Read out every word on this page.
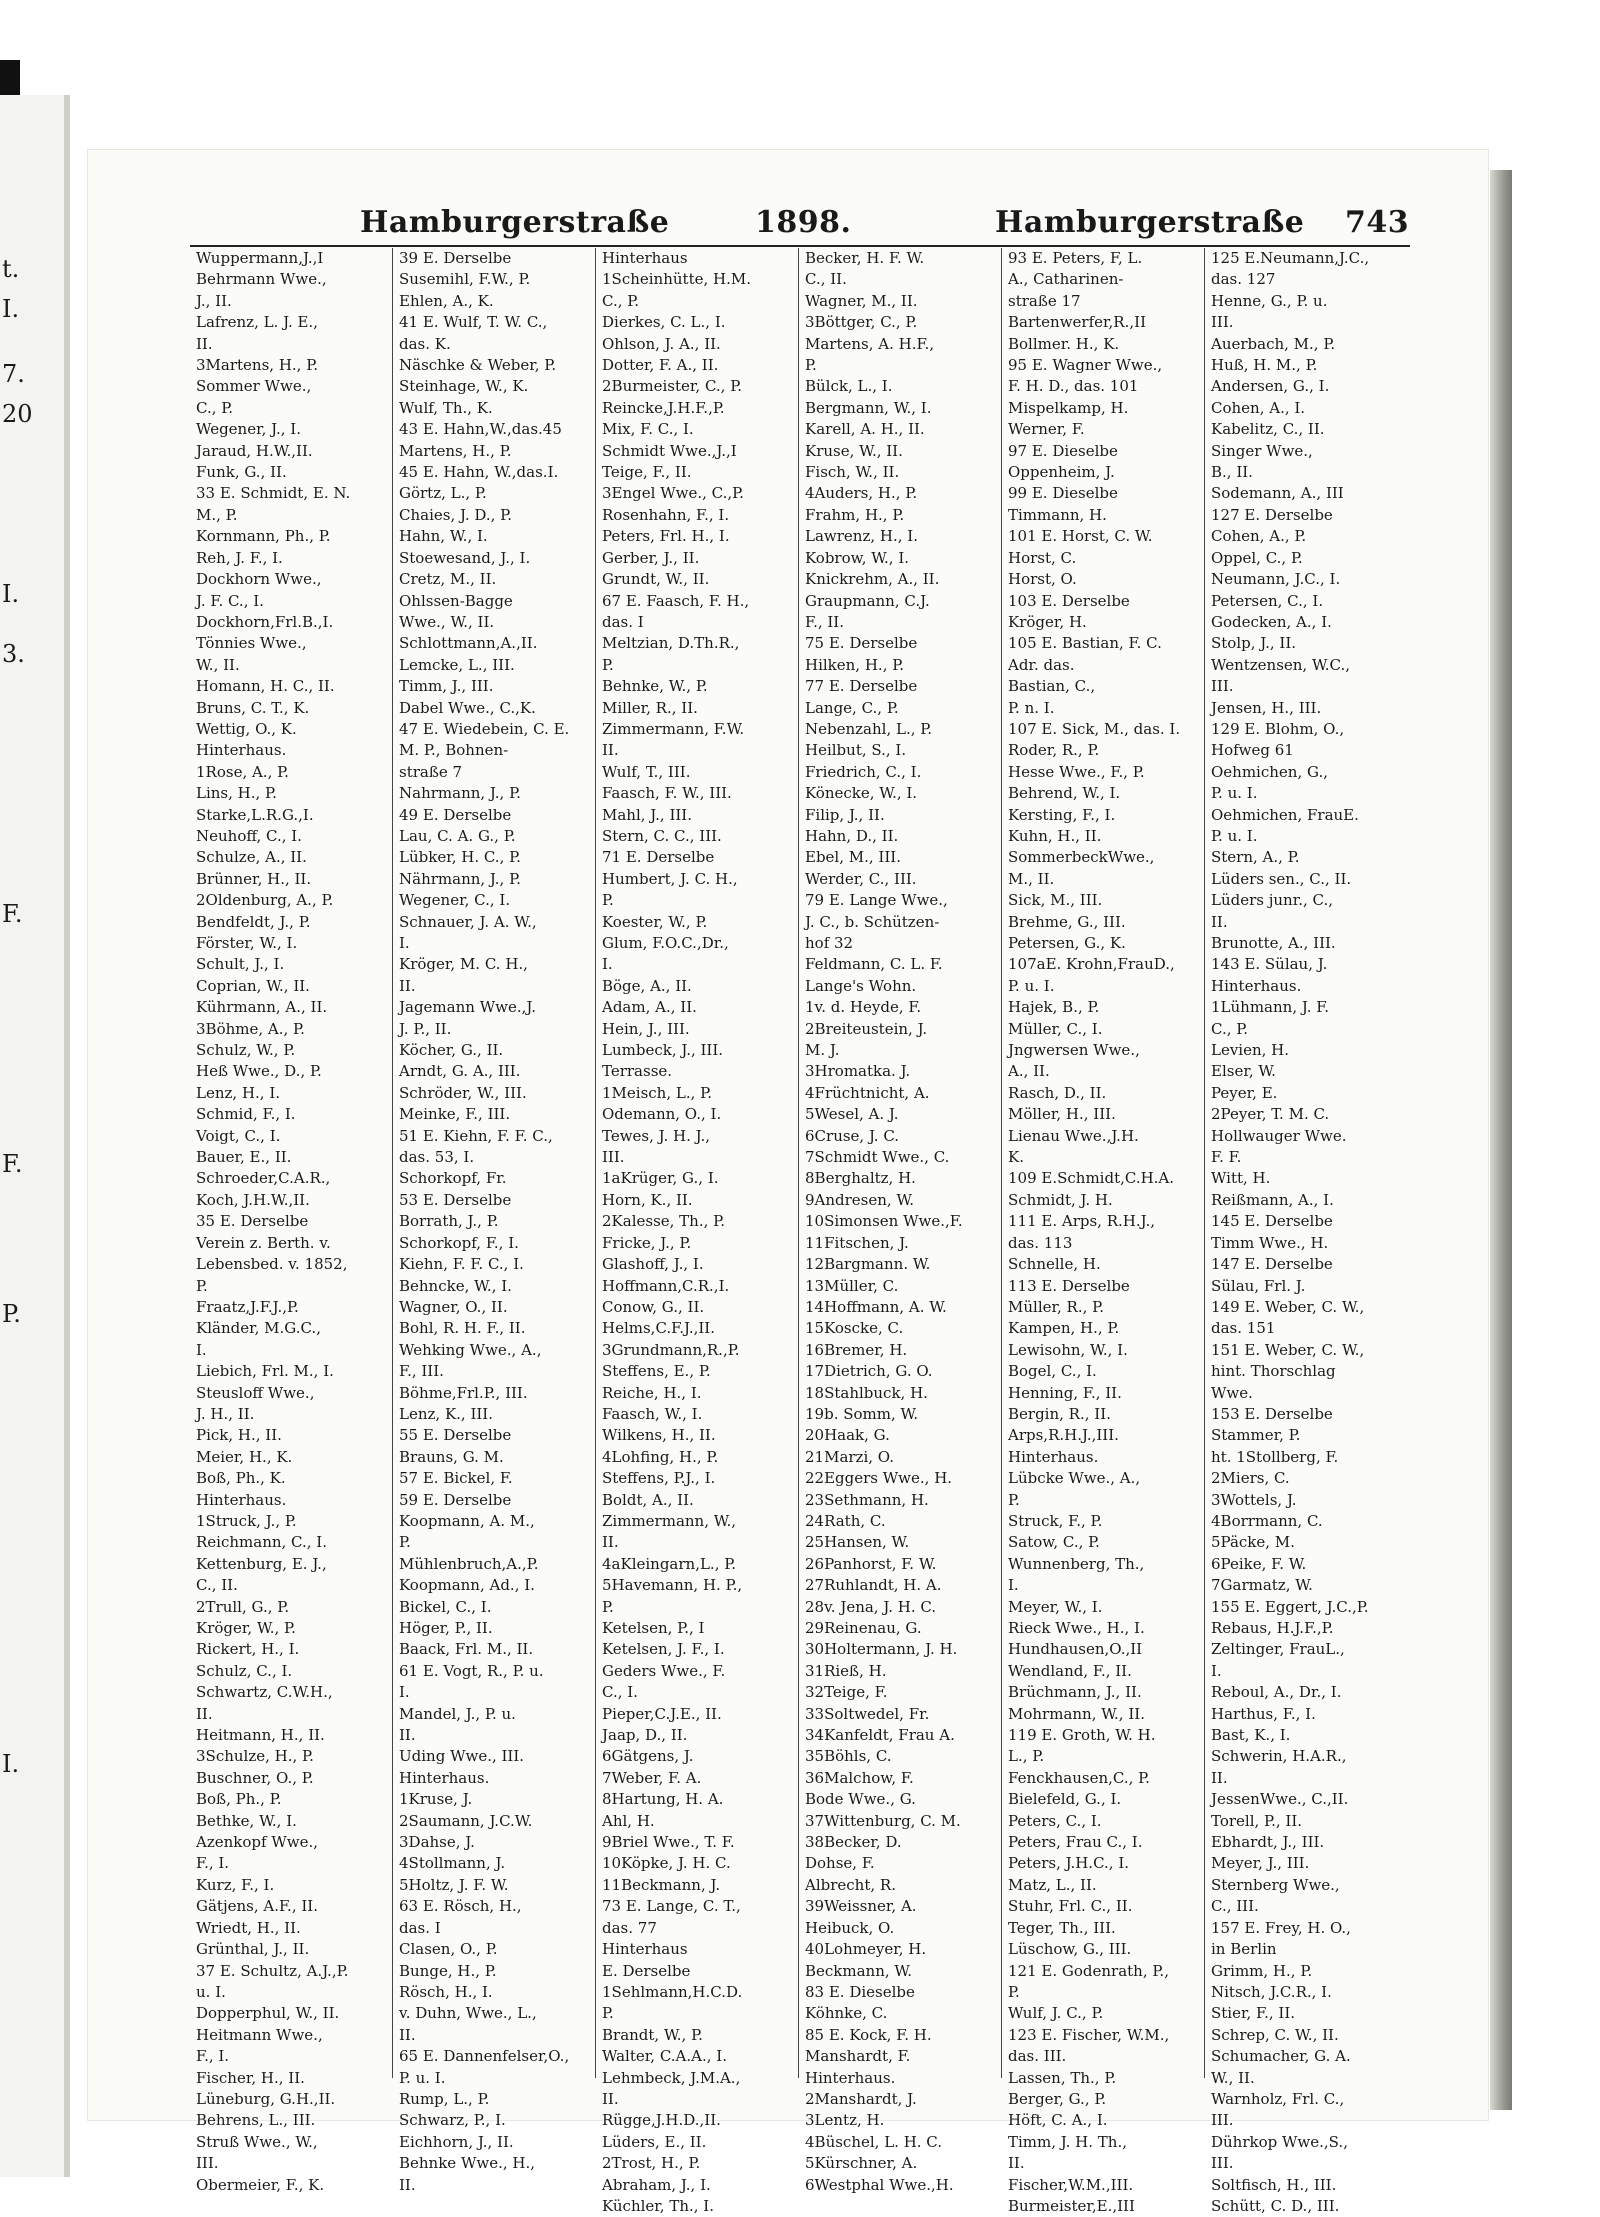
t.
I.
7.
20
I.
3.
F.
F.
P.
I.
Hamburgerstraße	1898.	Hamburgerstraße 743
Wuppermann,J.,I
Behrmann Wwe.,
J., II.
Lafrenz, L. J. E.,
II.
3Martens, H., P.
Sommer Wwe.,
C., P.
Wegener, J., I.
Jaraud, H.W.,II.
Funk, G., II.
33 E. Schmidt, E. N.
M., P.
Kornmann, Ph., P.
Reh, J. F., I.
Dockhorn Wwe.,
J. F. C., I.
Dockhorn,Frl.B.,I.
Tönnies Wwe.,
W., II.
Homann, H. C., II.
Bruns, C. T., K.
Wettig, O., K.
Hinterhaus.
1Rose, A., P.
Lins, H., P.
Starke,L.R.G.,I.
Neuhoff, C., I.
Schulze, A., II.
Brünner, H., II.
2Oldenburg, A., P.
Bendfeldt, J., P.
Förster, W., I.
Schult, J., I.
Coprian, W., II.
Kührmann, A., II.
3Böhme, A., P.
Schulz, W., P.
Heß Wwe., D., P.
Lenz, H., I.
Schmid, F., I.
Voigt, C., I.
Bauer, E., II.
Schroeder,C.A.R.,
Koch, J.H.W.,II.
35 E. Derselbe
Verein z. Berth. v.
Lebensbed. v. 1852,
P.
Fraatz,J.F.J.,P.
Kländer, M.G.C.,
I.
Liebich, Frl. M., I.
Steusloff Wwe.,
J. H., II.
Pick, H., II.
Meier, H., K.
Boß, Ph., K.
Hinterhaus.
1Struck, J., P.
Reichmann, C., I.
Kettenburg, E. J.,
C., II.
2Trull, G., P.
Kröger, W., P.
Rickert, H., I.
Schulz, C., I.
Schwartz, C.W.H.,
II.
Heitmann, H., II.
3Schulze, H., P.
Buschner, O., P.
Boß, Ph., P.
Bethke, W., I.
Azenkopf Wwe.,
F., I.
Kurz, F., I.
Gätjens, A.F., II.
Wriedt, H., II.
Grünthal, J., II.
37 E. Schultz, A.J.,P.
u. I.
Dopperphul, W., II.
Heitmann Wwe.,
F., I.
Fischer, H., II.
Lüneburg, G.H.,II.
Behrens, L., III.
Struß Wwe., W.,
III.
Obermeier, F., K.
39 E. Derselbe
Susemihl, F.W., P.
Ehlen, A., K.
41 E. Wulf, T. W. C.,
das. K.
Näschke & Weber, P.
Steinhage, W., K.
Wulf, Th., K.
43 E. Hahn,W.,das.45
Martens, H., P.
45 E. Hahn, W.,das.I.
Görtz, L., P.
Chaies, J. D., P.
Hahn, W., I.
Stoewesand, J., I.
Cretz, M., II.
Ohlssen-Bagge
Wwe., W., II.
Schlottmann,A.,II.
Lemcke, L., III.
Timm, J., III.
Dabel Wwe., C.,K.
47 E. Wiedebein, C. E.
M. P., Bohnen-
straße 7
Nahrmann, J., P.
49 E. Derselbe
Lau, C. A. G., P.
Lübker, H. C., P.
Nährmann, J., P.
Wegener, C., I.
Schnauer, J. A. W.,
I.
Kröger, M. C. H.,
II.
Jagemann Wwe.,J.
J. P., II.
Köcher, G., II.
Arndt, G. A., III.
Schröder, W., III.
Meinke, F., III.
51 E. Kiehn, F. F. C.,
das. 53, I.
Schorkopf, Fr.
53 E. Derselbe
Borrath, J., P.
Schorkopf, F., I.
Kiehn, F. F. C., I.
Behncke, W., I.
Wagner, O., II.
Bohl, R. H. F., II.
Wehking Wwe., A.,
F., III.
Böhme,Frl.P., III.
Lenz, K., III.
55 E. Derselbe
Brauns, G. M.
57 E. Bickel, F.
59 E. Derselbe
Koopmann, A. M.,
P.
Mühlenbruch,A.,P.
Koopmann, Ad., I.
Bickel, C., I.
Höger, P., II.
Baack, Frl. M., II.
61 E. Vogt, R., P. u.
I.
Mandel, J., P. u.
II.
Uding Wwe., III.
Hinterhaus.
1Kruse, J.
2Saumann, J.C.W.
3Dahse, J.
4Stollmann, J.
5Holtz, J. F. W.
63 E. Rösch, H.,
das. I
Clasen, O., P.
Bunge, H., P.
Rösch, H., I.
v. Duhn, Wwe., L.,
II.
65 E. Dannenfelser,O.,
P. u. I.
Rump, L., P.
Schwarz, P., I.
Eichhorn, J., II.
Behnke Wwe., H.,
II.
Hinterhaus
1Scheinhütte, H.M.
C., P.
Dierkes, C. L., I.
Ohlson, J. A., II.
Dotter, F. A., II.
2Burmeister, C., P.
Reincke,J.H.F.,P.
Mix, F. C., I.
Schmidt Wwe.,J.,I
Teige, F., II.
3Engel Wwe., C.,P.
Rosenhahn, F., I.
Peters, Frl. H., I.
Gerber, J., II.
Grundt, W., II.
67 E. Faasch, F. H.,
das. I
Meltzian, D.Th.R.,
P.
Behnke, W., P.
Miller, R., II.
Zimmermann, F.W.
II.
Wulf, T., III.
Faasch, F. W., III.
Mahl, J., III.
Stern, C. C., III.
71 E. Derselbe
Humbert, J. C. H.,
P.
Koester, W., P.
Glum, F.O.C.,Dr.,
I.
Böge, A., II.
Adam, A., II.
Hein, J., III.
Lumbeck, J., III.
Terrasse.
1Meisch, L., P.
Odemann, O., I.
Tewes, J. H. J.,
III.
1aKrüger, G., I.
Horn, K., II.
2Kalesse, Th., P.
Fricke, J., P.
Glashoff, J., I.
Hoffmann,C.R.,I.
Conow, G., II.
Helms,C.F.J.,II.
3Grundmann,R.,P.
Steffens, E., P.
Reiche, H., I.
Faasch, W., I.
Wilkens, H., II.
4Lohfing, H., P.
Steffens, P.J., I.
Boldt, A., II.
Zimmermann, W.,
II.
4aKleingarn,L., P.
5Havemann, H. P.,
P.
Ketelsen, P., I
Ketelsen, J. F., I.
Geders Wwe., F.
C., I.
Pieper,C.J.E., II.
Jaap, D., II.
6Gätgens, J.
7Weber, F. A.
8Hartung, H. A.
Ahl, H.
9Briel Wwe., T. F.
10Köpke, J. H. C.
11Beckmann, J.
73 E. Lange, C. T.,
das. 77
Hinterhaus
E. Derselbe
1Sehlmann,H.C.D.
P.
Brandt, W., P.
Walter, C.A.A., I.
Lehmbeck, J.M.A.,
II.
Rügge,J.H.D.,II.
Lüders, E., II.
2Trost, H., P.
Abraham, J., I.
Küchler, Th., I.
Becker, H. F. W.
C., II.
Wagner, M., II.
3Böttger, C., P.
Martens, A. H.F.,
P.
Bülck, L., I.
Bergmann, W., I.
Karell, A. H., II.
Kruse, W., II.
Fisch, W., II.
4Auders, H., P.
Frahm, H., P.
Lawrenz, H., I.
Kobrow, W., I.
Knickrehm, A., II.
Graupmann, C.J.
F., II.
75 E. Derselbe
Hilken, H., P.
77 E. Derselbe
Lange, C., P.
Nebenzahl, L., P.
Heilbut, S., I.
Friedrich, C., I.
Könecke, W., I.
Filip, J., II.
Hahn, D., II.
Ebel, M., III.
Werder, C., III.
79 E. Lange Wwe.,
J. C., b. Schützen-
hof 32
Feldmann, C. L. F.
Lange's Wohn.
1v. d. Heyde, F.
2Breiteustein, J.
M. J.
3Hromatka. J.
4Früchtnicht, A.
5Wesel, A. J.
6Cruse, J. C.
7Schmidt Wwe., C.
8Berghaltz, H.
9Andresen, W.
10Simonsen Wwe.,F.
11Fitschen, J.
12Bargmann. W.
13Müller, C.
14Hoffmann, A. W.
15Koscke, C.
16Bremer, H.
17Dietrich, G. O.
18Stahlbuck, H.
19b. Somm, W.
20Haak, G.
21Marzi, O.
22Eggers Wwe., H.
23Sethmann, H.
24Rath, C.
25Hansen, W.
26Panhorst, F. W.
27Ruhlandt, H. A.
28v. Jena, J. H. C.
29Reinenau, G.
30Holtermann, J. H.
31Rieß, H.
32Teige, F.
33Soltwedel, Fr.
34Kanfeldt, Frau A.
35Böhls, C.
36Malchow, F.
Bode Wwe., G.
37Wittenburg, C. M.
38Becker, D.
Dohse, F.
Albrecht, R.
39Weissner, A.
Heibuck, O.
40Lohmeyer, H.
Beckmann, W.
83 E. Dieselbe
Köhnke, C.
85 E. Kock, F. H.
Manshardt, F.
Hinterhaus.
2Manshardt, J.
3Lentz, H.
4Büschel, L. H. C.
5Kürschner, A.
6Westphal Wwe.,H.
93 E. Peters, F, L.
A., Catharinen-
straße 17
Bartenwerfer,R.,II
Bollmer. H., K.
95 E. Wagner Wwe.,
F. H. D., das. 101
Mispelkamp, H.
Werner, F.
97 E. Dieselbe
Oppenheim, J.
99 E. Dieselbe
Timmann, H.
101 E. Horst, C. W.
Horst, C.
Horst, O.
103 E. Derselbe
Kröger, H.
105 E. Bastian, F. C.
Adr. das.
Bastian, C.,
P. n. I.
107 E. Sick, M., das. I.
Roder, R., P.
Hesse Wwe., F., P.
Behrend, W., I.
Kersting, F., I.
Kuhn, H., II.
SommerbeckWwe.,
M., II.
Sick, M., III.
Brehme, G., III.
Petersen, G., K.
107aE. Krohn,FrauD.,
P. u. I.
Hajek, B., P.
Müller, C., I.
Jngwersen Wwe.,
A., II.
Rasch, D., II.
Möller, H., III.
Lienau Wwe.,J.H.
K.
109 E.Schmidt,C.H.A.
Schmidt, J. H.
111 E. Arps, R.H.J.,
das. 113
Schnelle, H.
113 E. Derselbe
Müller, R., P.
Kampen, H., P.
Lewisohn, W., I.
Bogel, C., I.
Henning, F., II.
Bergin, R., II.
Arps,R.H.J.,III.
Hinterhaus.
Lübcke Wwe., A.,
P.
Struck, F., P.
Satow, C., P.
Wunnenberg, Th.,
I.
Meyer, W., I.
Rieck Wwe., H., I.
Hundhausen,O.,II
Wendland, F., II.
Brüchmann, J., II.
Mohrmann, W., II.
119 E. Groth, W. H.
L., P.
Fenckhausen,C., P.
Bielefeld, G., I.
Peters, C., I.
Peters, Frau C., I.
Peters, J.H.C., I.
Matz, L., II.
Stuhr, Frl. C., II.
Teger, Th., III.
Lüschow, G., III.
121 E. Godenrath, P.,
P.
Wulf, J. C., P.
123 E. Fischer, W.M.,
das. III.
Lassen, Th., P.
Berger, G., P.
Höft, C. A., I.
Timm, J. H. Th.,
II.
Fischer,W.M.,III.
Burmeister,E.,III
125 E.Neumann,J.C.,
das. 127
Henne, G., P. u.
III.
Auerbach, M., P.
Huß, H. M., P.
Andersen, G., I.
Cohen, A., I.
Kabelitz, C., II.
Singer Wwe.,
B., II.
Sodemann, A., III
127 E. Derselbe
Cohen, A., P.
Oppel, C., P.
Neumann, J.C., I.
Petersen, C., I.
Godecken, A., I.
Stolp, J., II.
Wentzensen, W.C.,
III.
Jensen, H., III.
129 E. Blohm, O.,
Hofweg 61
Oehmichen, G.,
P. u. I.
Oehmichen, FrauE.
P. u. I.
Stern, A., P.
Lüders sen., C., II.
Lüders junr., C.,
II.
Brunotte, A., III.
143 E. Sülau, J.
Hinterhaus.
1Lühmann, J. F.
C., P.
Levien, H.
Elser, W.
Peyer, E.
2Peyer, T. M. C.
Hollwauger Wwe.
F. F.
Witt, H.
Reißmann, A., I.
145 E. Derselbe
Timm Wwe., H.
147 E. Derselbe
Sülau, Frl. J.
149 E. Weber, C. W.,
das. 151
151 E. Weber, C. W.,
hint. Thorschlag
Wwe.
153 E. Derselbe
Stammer, P.
ht. 1Stollberg, F.
2Miers, C.
3Wottels, J.
4Borrmann, C.
5Päcke, M.
6Peike, F. W.
7Garmatz, W.
155 E. Eggert, J.C.,P.
Rebaus, H.J.F.,P.
Zeltinger, FrauL.,
I.
Reboul, A., Dr., I.
Harthus, F., I.
Bast, K., I.
Schwerin, H.A.R.,
II.
JessenWwe., C.,II.
Torell, P., II.
Ebhardt, J., III.
Meyer, J., III.
Sternberg Wwe.,
C., III.
157 E. Frey, H. O.,
in Berlin
Grimm, H., P.
Nitsch, J.C.R., I.
Stier, F., II.
Schrep, C. W., II.
Schumacher, G. A.
W., II.
Warnholz, Frl. C.,
III.
Dührkop Wwe.,S.,
III.
Soltfisch, H., III.
Schütt, C. D., III.
